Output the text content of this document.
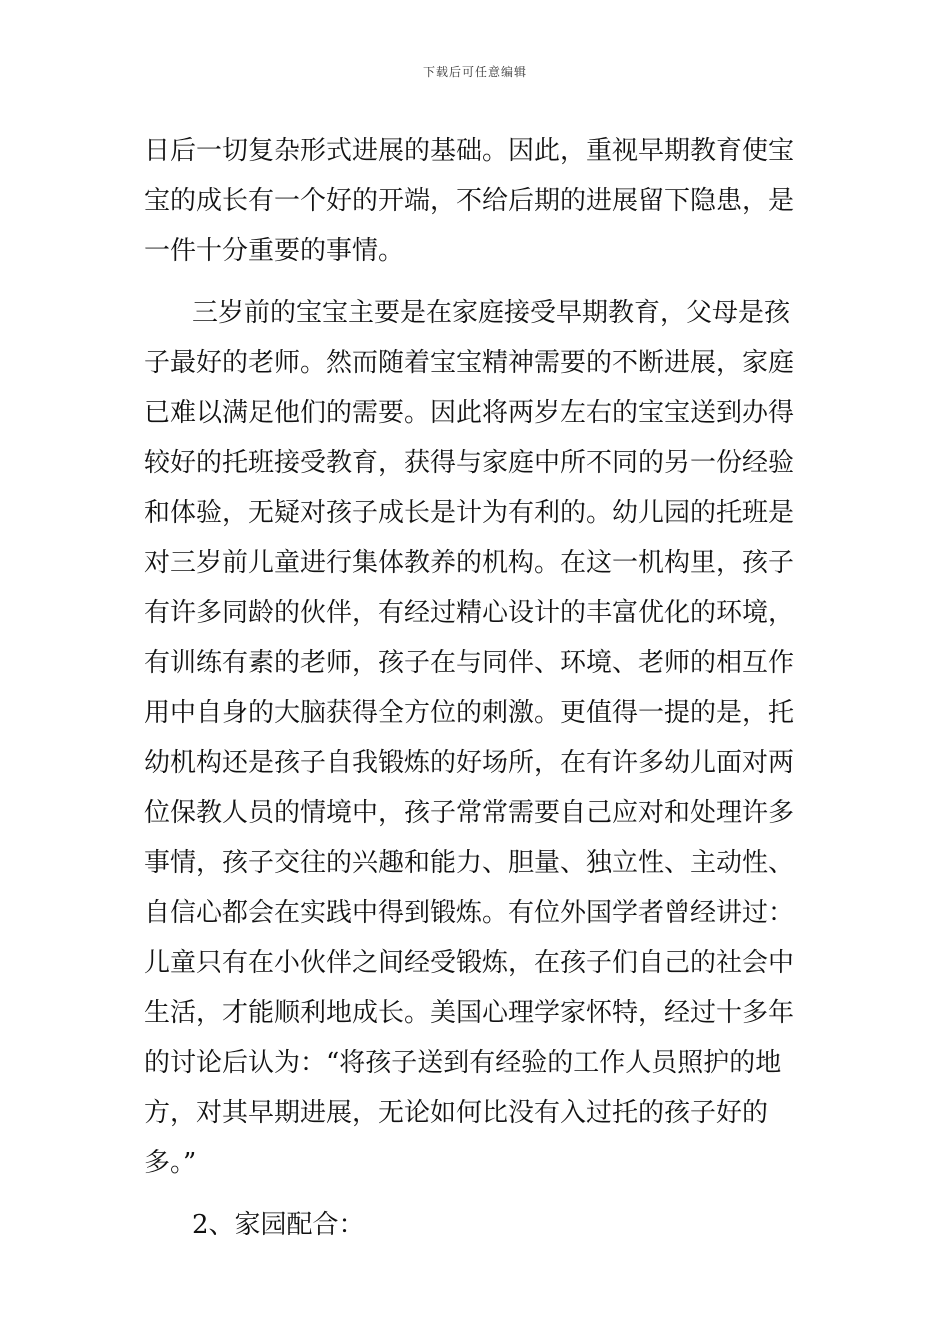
下载后可任意编辑
日后一切复杂形式进展的基础。因此，重视早期教育使宝
宝的成长有一个好的开端，不给后期的进展留下隐患，是
一件十分重要的事情。
三岁前的宝宝主要是在家庭接受早期教育，父母是孩
子最好的老师。然而随着宝宝精神需要的不断进展，家庭
已难以满足他们的需要。因此将两岁左右的宝宝送到办得
较好的托班接受教育，获得与家庭中所不同的另一份经验
和体验，无疑对孩子成长是计为有利的。幼儿园的托班是
对三岁前儿童进行集体教养的机构。在这一机构里，孩子
有许多同龄的伙伴，有经过精心设计的丰富优化的环境，
有训练有素的老师，孩子在与同伴、环境、老师的相互作
用中自身的大脑获得全方位的刺激。更值得一提的是，托
幼机构还是孩子自我锻炼的好场所，在有许多幼儿面对两
位保教人员的情境中，孩子常常需要自己应对和处理许多
事情，孩子交往的兴趣和能力、胆量、独立性、主动性、
自信心都会在实践中得到锻炼。有位外国学者曾经讲过：
儿童只有在小伙伴之间经受锻炼，在孩子们自己的社会中
生活，才能顺利地成长。美国心理学家怀特，经过十多年
的讨论后认为：“将孩子送到有经验的工作人员照护的地
方，对其早期进展，无论如何比没有入过托的孩子好的
多。”
2、家园配合：
